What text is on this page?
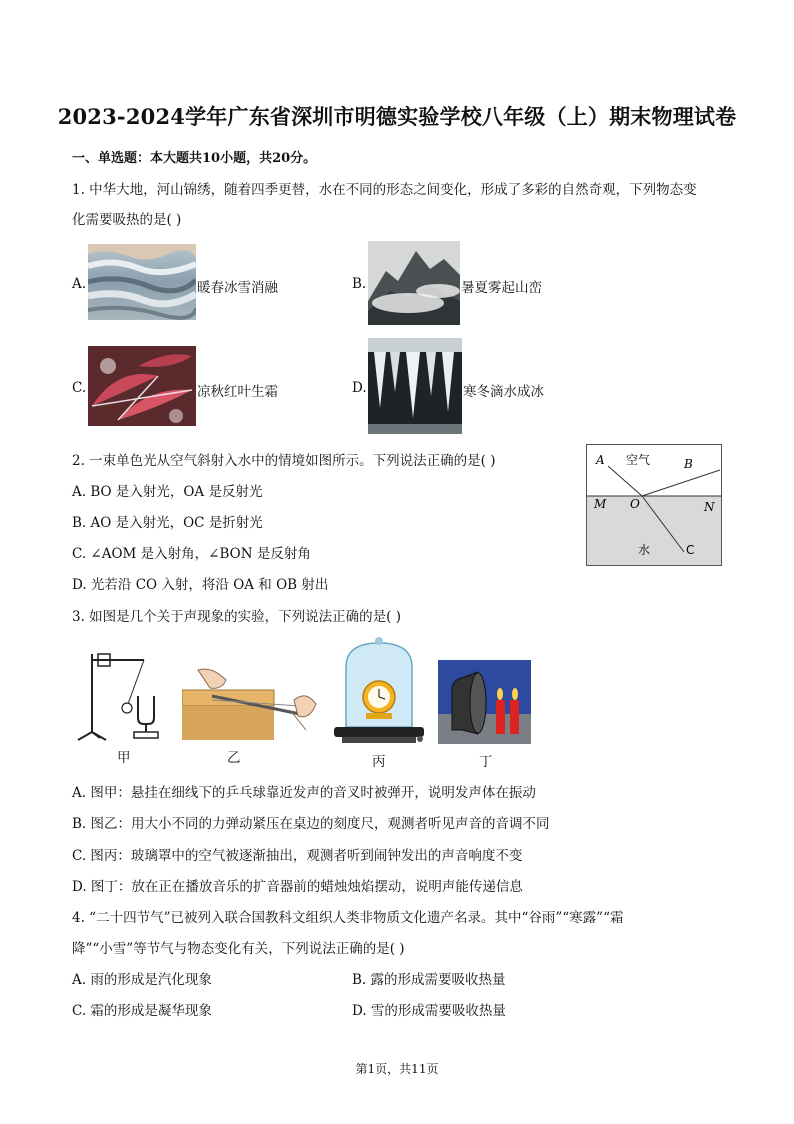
2023-2024学年广东省深圳市明德实验学校八年级（上）期末物理试卷
一、单选题：本大题共10小题，共20分。
1. 中华大地，河山锦绣，随着四季更替，水在不同的形态之间变化，形成了多彩的自然奇观，下列物态变
化需要吸热的是( )
A.	暖春冰雪消融	B.	暑夏雾起山峦
C.	凉秋红叶生霜	D.	寒冬滴水成冰
2. 一束单色光从空气斜射入水中的情境如图所示。下列说法正确的是( )
A. BO 是入射光，OA 是反射光
B. AO 是入射光，OC 是折射光
C. ∠AOM 是入射角，∠BON 是反射角
D. 光若沿 CO 入射，将沿 OA 和 OB 射出
A 空气	B
M O	N
水	C
3. 如图是几个关于声现象的实验，下列说法正确的是( )
甲	乙	丙	丁
A. 图甲：悬挂在细线下的乒乓球靠近发声的音叉时被弹开，说明发声体在振动
B. 图乙：用大小不同的力弹动紧压在桌边的刻度尺，观测者听见声音的音调不同
C. 图丙：玻璃罩中的空气被逐渐抽出，观测者听到闹钟发出的声音响度不变
D. 图丁：放在正在播放音乐的扩音器前的蜡烛烛焰摆动，说明声能传递信息
4. “二十四节气”已被列入联合国教科文组织人类非物质文化遗产名录。其中“谷雨”“寒露”“霜
降”“小雪”等节气与物态变化有关，下列说法正确的是( )
A. 雨的形成是汽化现象	B. 露的形成需要吸收热量
C. 霜的形成是凝华现象	D. 雪的形成需要吸收热量
第1页，共11页
